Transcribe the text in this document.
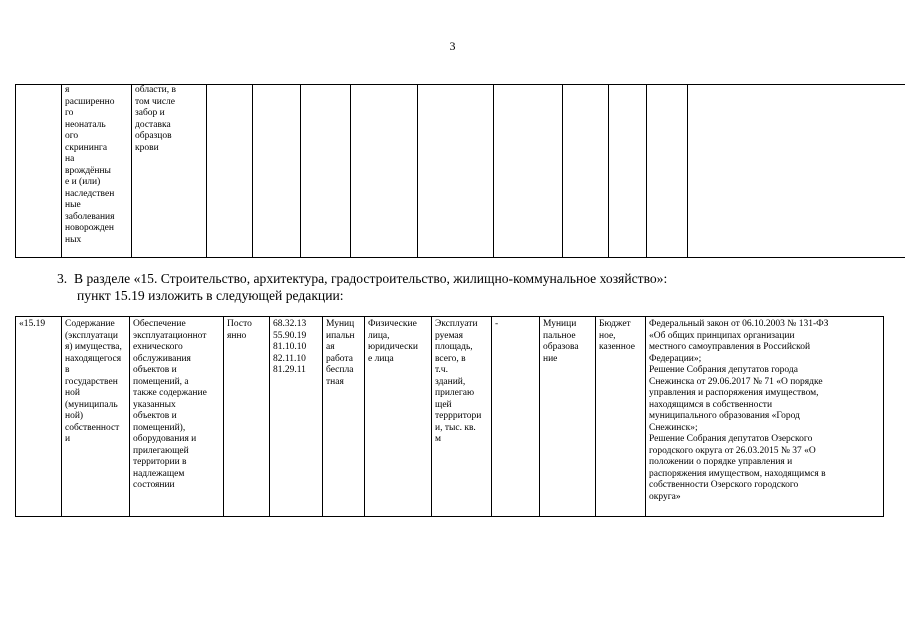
3
	я
расширенно
го
неонаталь
ого
скрининга
на
врождённы
е и (или)
наследствен
ные
заболевания
новорожден
ных	области, в
том числе
забор и
доставка
образцов
крови										
3. В разделе «15. Строительство, архитектура, градостроительство, жилищно-коммунальное хозяйство»:
пункт 15.19 изложить в следующей редакции:
«15.19	Содержание
(эксплуатаци
я) имущества,
находящегося
в
государствен
ной
(муниципаль
ной)
собственност
и	Обеспечение
эксплуатационнот
ехнического
обслуживания
объектов и
помещений, а
также содержание
указанных
объектов и
помещений),
оборудования и
прилегающей
территории в
надлежащем
состоянии	Посто
янно	68.32.13
55.90.19
81.10.10
82.11.10
81.29.11	Муниц
ипальн
ая
работа
беспла
тная	Физические
лица,
юридически
е лица	Эксплуати
руемая
площадь,
всего, в
т.ч.
зданий,
прилегаю
щей
террритори
и, тыс. кв.
м	-	Муници
пальное
образова
ние	Бюджет
ное,
казенное	Федеральный закон от 06.10.2003 № 131-ФЗ
«Об общих принципах организации
местного самоуправления в Российской
Федерации»;
Решение Собрания депутатов города
Снежинска от 29.06.2017 № 71 «О порядке
управления и распоряжения имуществом,
находящимся в собственности
муниципального образования «Город
Снежинск»;
Решение Собрания депутатов Озерского
городского округа от 26.03.2015 № 37 «О
положении о порядке управления и
распоряжения имуществом, находящимся в
собственности Озерского городского
округа»
